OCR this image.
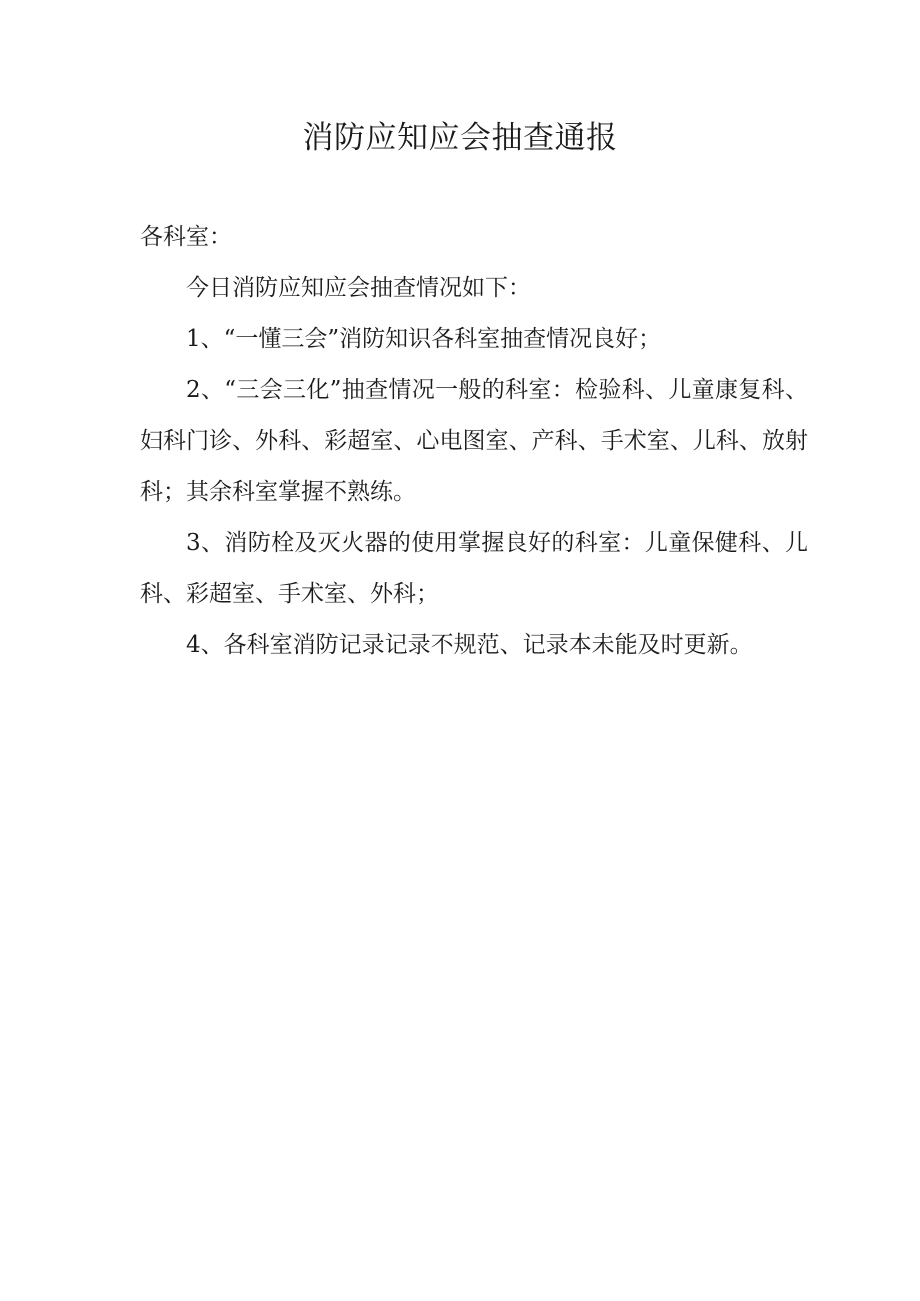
消防应知应会抽查通报

各科室：

今日消防应知应会抽查情况如下：

1、“一懂三会”消防知识各科室抽查情况良好；

2、“三会三化”抽查情况一般的科室：检验科、儿童康复科、妇科门诊、外科、彩超室、心电图室、产科、手术室、儿科、放射科；其余科室掌握不熟练。

3、消防栓及灭火器的使用掌握良好的科室：儿童保健科、儿科、彩超室、手术室、外科；

4、各科室消防记录记录不规范、记录本未能及时更新。
